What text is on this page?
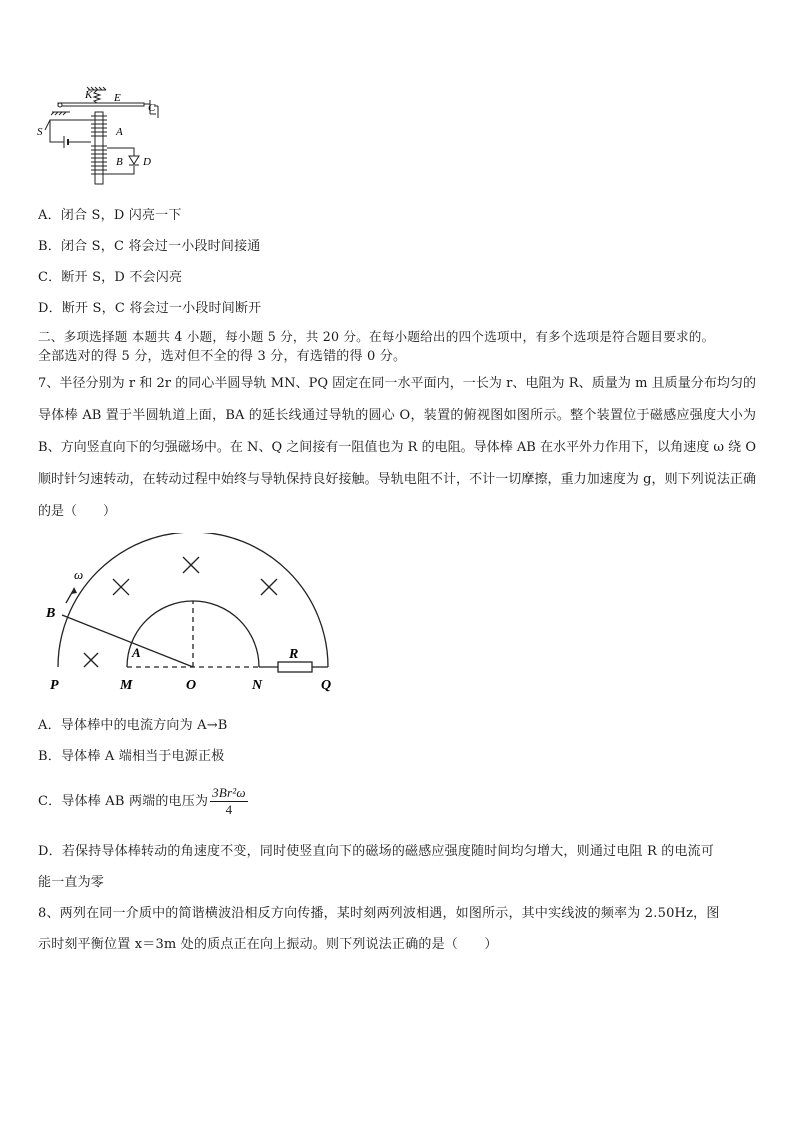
K E
C
S	A
B D
A．闭合 S，D 闪亮一下
B．闭合 S，C 将会过一小段时间接通
C．断开 S，D 不会闪亮
D．断开 S，C 将会过一小段时间断开
二、多项选择题 本题共 4 小题，每小题 5 分，共 20 分。在每小题给出的四个选项中，有多个选项是符合题目要求的。
全部选对的得 5 分，选对但不全的得 3 分，有选错的得 0 分。
7、半径分别为 r 和 2r 的同心半圆导轨 MN、PQ 固定在同一水平面内，一长为 r、电阻为 R、质量为 m 且质量分布均匀的导体棒 AB 置于半圆轨道上面，BA 的延长线通过导轨的圆心 O，装置的俯视图如图所示。整个装置位于磁感应强度大小为 B、方向竖直向下的匀强磁场中。在 N、Q 之间接有一阻值也为 R 的电阻。导体棒 AB 在水平外力作用下，以角速度 ω 绕 O 顺时针匀速转动，在转动过程中始终与导轨保持良好接触。导轨电阻不计，不计一切摩擦，重力加速度为 g，则下列说法正确的是（　　）
ω
B
A	R
P	M	O	N	Q
A．导体棒中的电流方向为 A→B
B．导体棒 A 端相当于电源正极
C．导体棒 AB 两端的电压为 $\frac{\text{3Br²ω}}{4}$
D．若保持导体棒转动的角速度不变，同时使竖直向下的磁场的磁感应强度随时间均匀增大，则通过电阻 R 的电流可
能一直为零
8、两列在同一介质中的简谐横波沿相反方向传播，某时刻两列波相遇，如图所示，其中实线波的频率为 2.50Hz，图
示时刻平衡位置 x＝3m 处的质点正在向上振动。则下列说法正确的是（　　）
